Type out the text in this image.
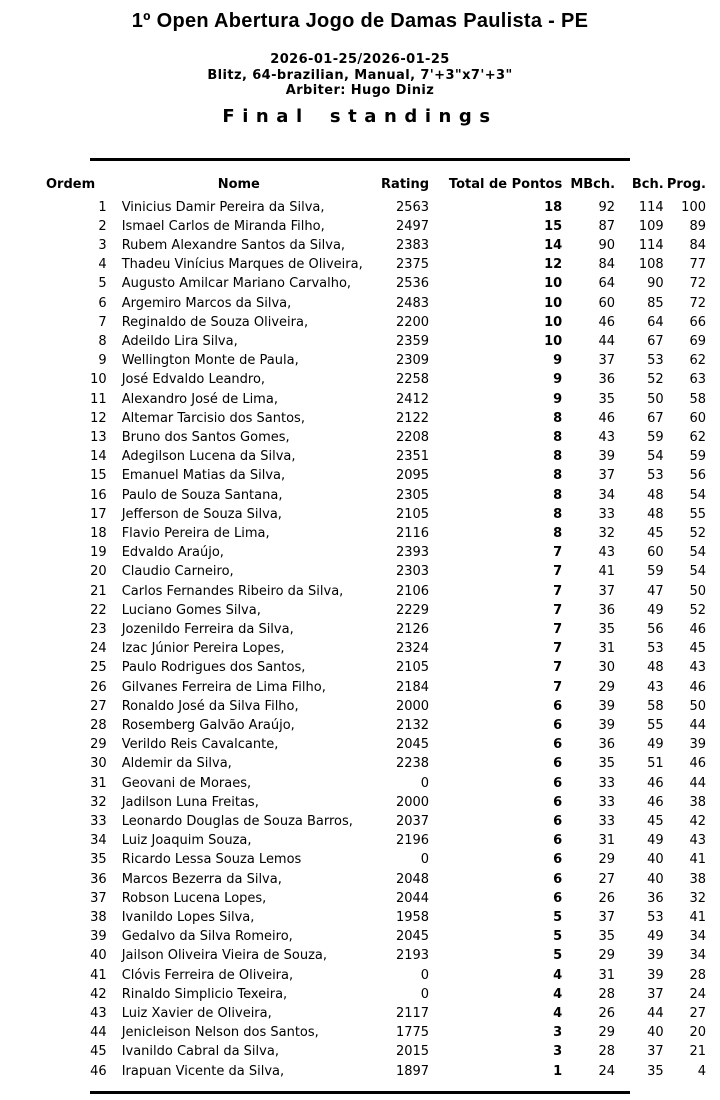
1º Open Abertura Jogo de Damas Paulista - PE
2026-01-25/2026-01-25
Blitz, 64-brazilian, Manual, 7'+3"x7'+3"
Arbiter: Hugo Diniz
Final standings
Ordem	Nome	Rating	Total de Pontos	MBch.	Bch.	Prog.
1	Vinicius Damir Pereira da Silva,	2563	18	92	114	100
2	Ismael Carlos de Miranda Filho,	2497	15	87	109	89
3	Rubem Alexandre Santos da Silva,	2383	14	90	114	84
4	Thadeu Vinícius Marques de Oliveira,	2375	12	84	108	77
5	Augusto Amilcar Mariano Carvalho,	2536	10	64	90	72
6	Argemiro Marcos da Silva,	2483	10	60	85	72
7	Reginaldo de Souza Oliveira,	2200	10	46	64	66
8	Adeildo Lira Silva,	2359	10	44	67	69
9	Wellington Monte de Paula,	2309	9	37	53	62
10	José Edvaldo Leandro,	2258	9	36	52	63
11	Alexandro José de Lima,	2412	9	35	50	58
12	Altemar Tarcisio dos Santos,	2122	8	46	67	60
13	Bruno dos Santos Gomes,	2208	8	43	59	62
14	Adegilson Lucena da Silva,	2351	8	39	54	59
15	Emanuel Matias da Silva,	2095	8	37	53	56
16	Paulo de Souza Santana,	2305	8	34	48	54
17	Jefferson de Souza Silva,	2105	8	33	48	55
18	Flavio Pereira de Lima,	2116	8	32	45	52
19	Edvaldo Araújo,	2393	7	43	60	54
20	Claudio Carneiro,	2303	7	41	59	54
21	Carlos Fernandes Ribeiro da Silva,	2106	7	37	47	50
22	Luciano Gomes Silva,	2229	7	36	49	52
23	Jozenildo Ferreira da Silva,	2126	7	35	56	46
24	Izac Júnior Pereira Lopes,	2324	7	31	53	45
25	Paulo Rodrigues dos Santos,	2105	7	30	48	43
26	Gilvanes Ferreira de Lima Filho,	2184	7	29	43	46
27	Ronaldo José da Silva Filho,	2000	6	39	58	50
28	Rosemberg Galvão Araújo,	2132	6	39	55	44
29	Verildo Reis Cavalcante,	2045	6	36	49	39
30	Aldemir da Silva,	2238	6	35	51	46
31	Geovani de Moraes,	0	6	33	46	44
32	Jadilson Luna Freitas,	2000	6	33	46	38
33	Leonardo Douglas de Souza Barros,	2037	6	33	45	42
34	Luiz Joaquim Souza,	2196	6	31	49	43
35	Ricardo Lessa Souza Lemos	0	6	29	40	41
36	Marcos Bezerra da Silva,	2048	6	27	40	38
37	Robson Lucena Lopes,	2044	6	26	36	32
38	Ivanildo Lopes Silva,	1958	5	37	53	41
39	Gedalvo da Silva Romeiro,	2045	5	35	49	34
40	Jailson Oliveira Vieira de Souza,	2193	5	29	39	34
41	Clóvis Ferreira de Oliveira,	0	4	31	39	28
42	Rinaldo Simplicio Texeira,	0	4	28	37	24
43	Luiz Xavier de Oliveira,	2117	4	26	44	27
44	Jenicleison Nelson dos Santos,	1775	3	29	40	20
45	Ivanildo Cabral da Silva,	2015	3	28	37	21
46	Irapuan Vicente da Silva,	1897	1	24	35	4
